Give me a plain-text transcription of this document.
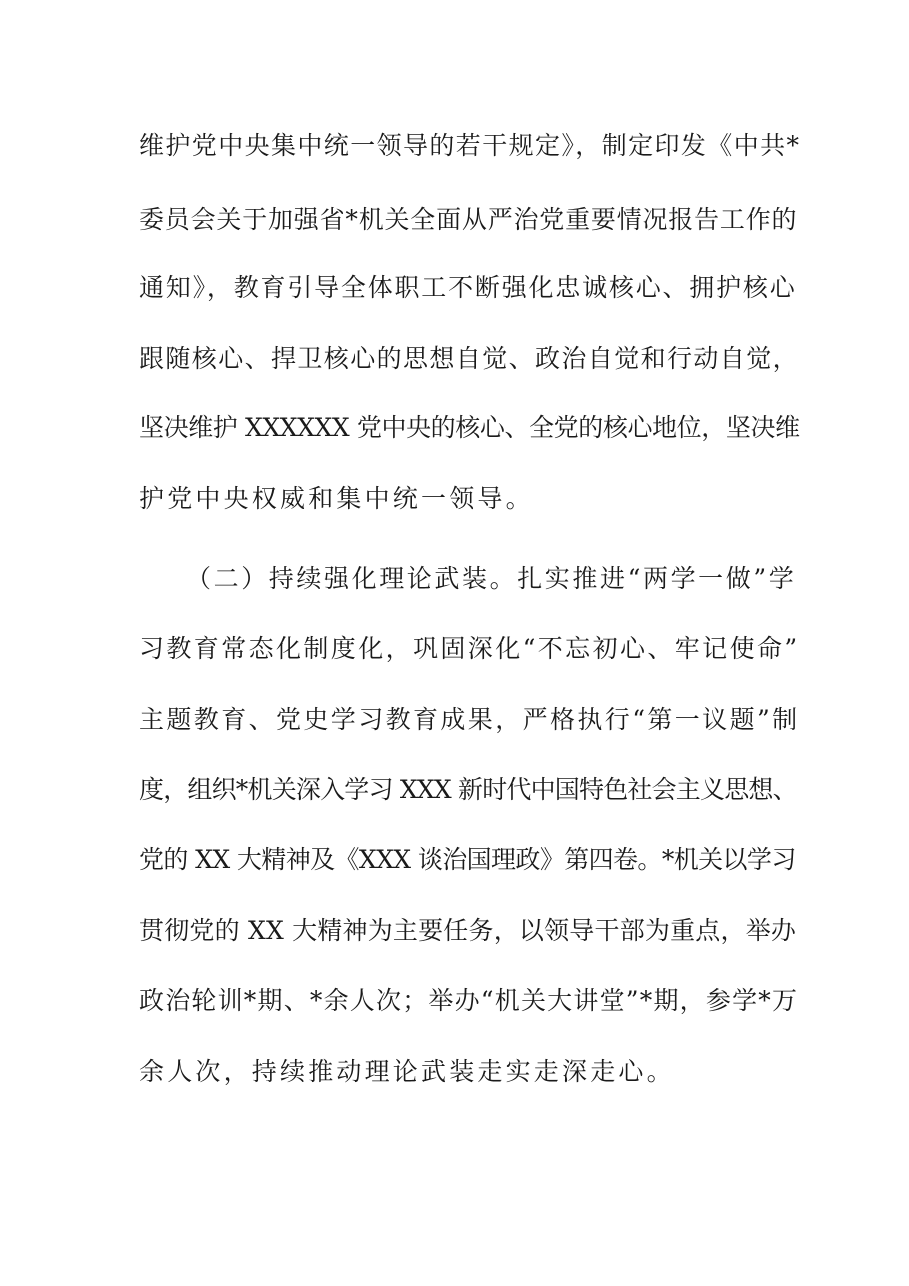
维护党中央集中统一领导的若干规定》，制定印发《中共*
委员会关于加强省*机关全面从严治党重要情况报告工作的
通知》，教育引导全体职工不断强化忠诚核心、拥护核心
跟随核心、捍卫核心的思想自觉、政治自觉和行动自觉，
坚决维护 XXXXXX 党中央的核心、全党的核心地位，坚决维
护党中央权威和集中统一领导。
（二）持续强化理论武装。扎实推进“两学一做”学
习教育常态化制度化，巩固深化“不忘初心、牢记使命”
主题教育、党史学习教育成果，严格执行“第一议题”制
度，组织*机关深入学习 XXX 新时代中国特色社会主义思想、
党的 XX 大精神及《XXX 谈治国理政》第四卷。*机关以学习
贯彻党的 XX 大精神为主要任务，以领导干部为重点，举办
政治轮训*期、*余人次；举办“机关大讲堂”*期，参学*万
余人次，持续推动理论武装走实走深走心。
